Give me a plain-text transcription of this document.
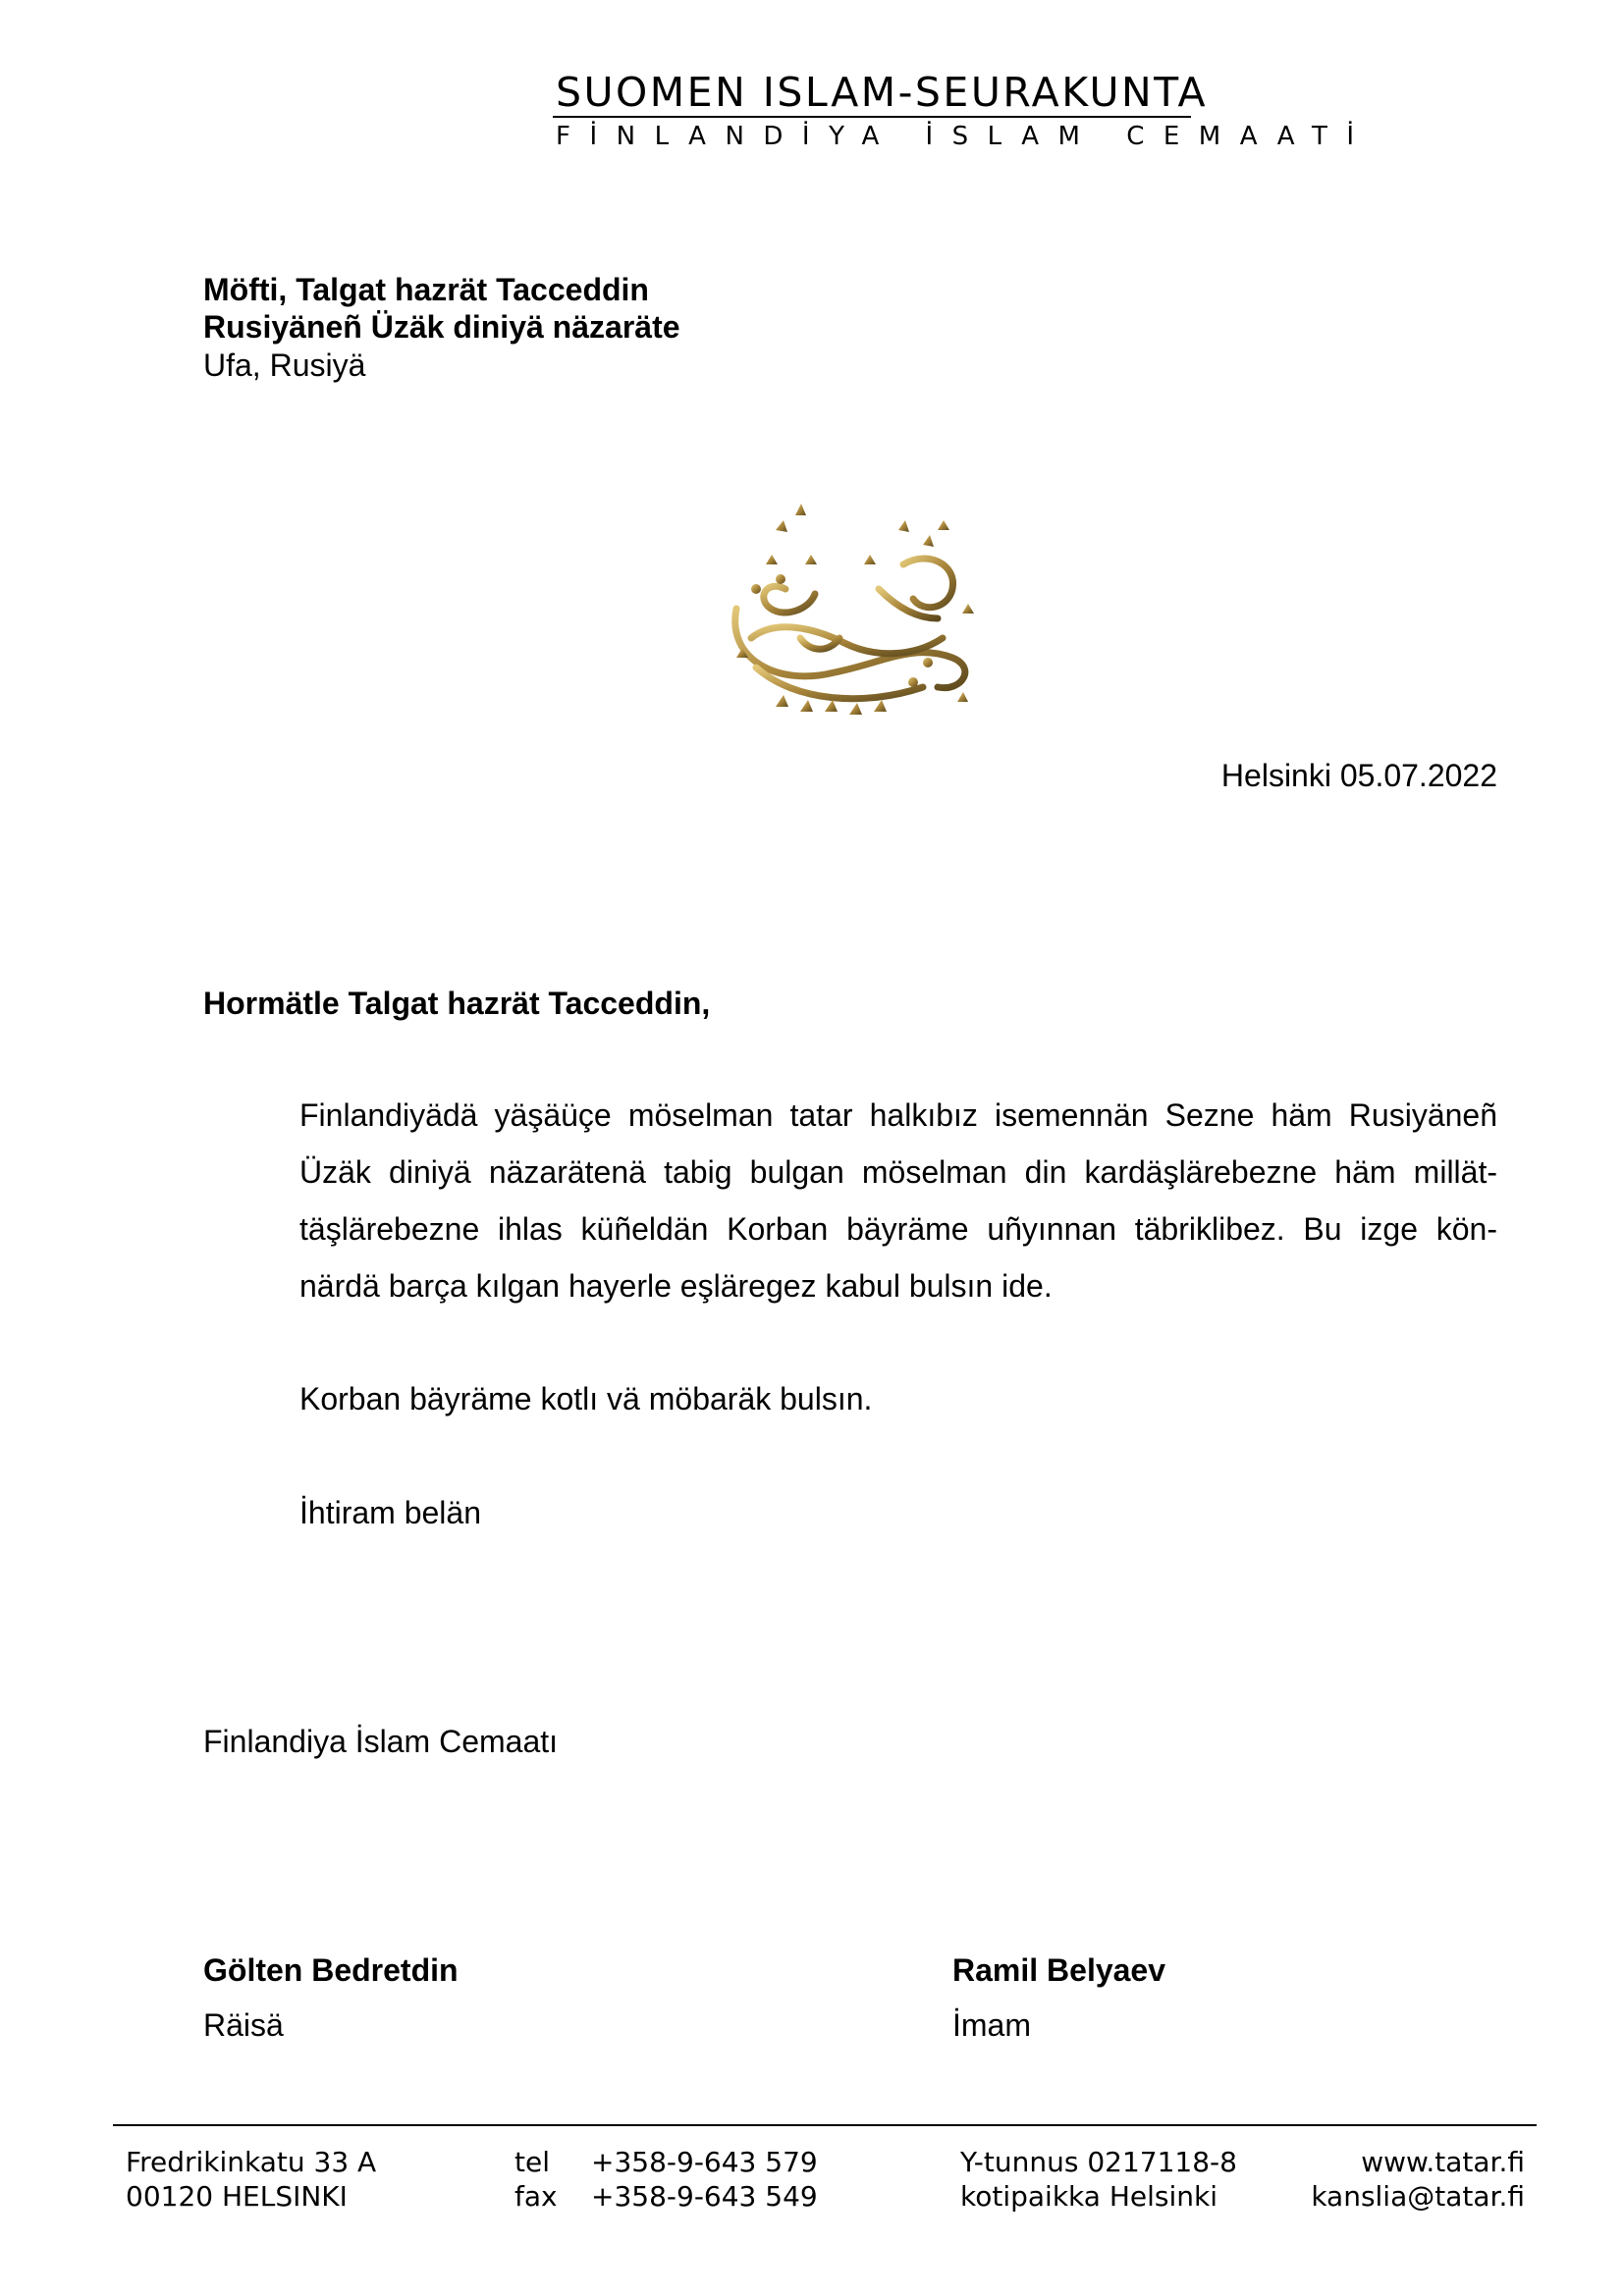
SUOMEN ISLAM-SEURAKUNTA
FİNLANDİYA İSLAM CEMAATİ
Möfti, Talgat hazrät Tacceddin
Rusiyäneñ Üzäk diniyä näzaräte
Ufa, Rusiyä
Helsinki 05.07.2022
Hormätle Talgat hazrät Tacceddin,
Finlandiyädä yäşäüçe möselman tatar halkıbız isemennän Sezne häm Rusiyäneñ
Üzäk diniyä näzarätenä tabig bulgan möselman din kardäşlärebezne häm millät-
täşlärebezne ihlas küñeldän Korban bäyräme uñyınnan täbriklibez. Bu izge kön-
närdä barça kılgan hayerle eşläregez kabul bulsın ide.
Korban bäyräme kotlı vä möbaräk bulsın.
İhtiram belän
Finlandiya İslam Cemaatı
Gölten Bedretdin
Räisä
Ramil Belyaev
İmam
Fredrikinkatu 33 A
00120 HELSINKI
tel
fax
+358-9-643 579
+358-9-643 549
Y-tunnus 0217118-8
kotipaikka Helsinki
www.tatar.fi
kanslia@tatar.fi
